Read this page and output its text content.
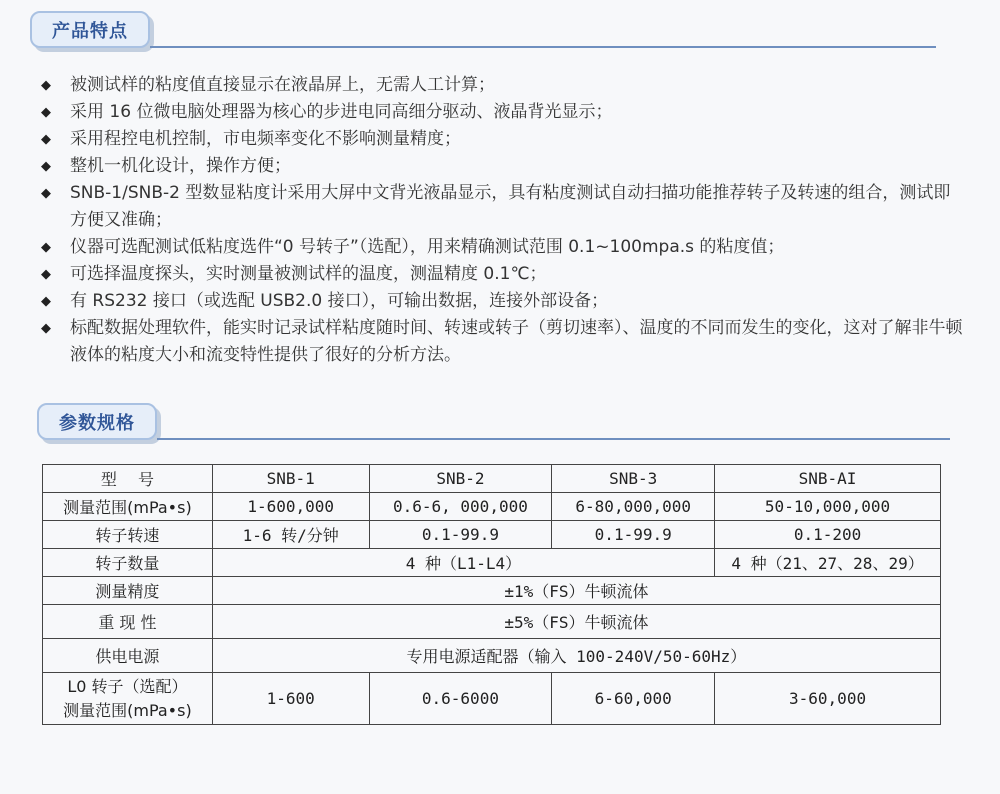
产品特点
◆ 被测试样的粘度值直接显示在液晶屏上，无需人工计算；
◆ 采用 16 位微电脑处理器为核心的步进电同高细分驱动、液晶背光显示；
◆ 采用程控电机控制，市电频率变化不影响测量精度；
◆ 整机一机化设计，操作方便；
◆ SNB-1/SNB-2 型数显粘度计采用大屏中文背光液晶显示，具有粘度测试自动扫描功能推荐转子及转速的组合，测试即方便又准确；
◆ 仪器可选配测试低粘度选件“0 号转子”（选配），用来精确测试范围 0.1~100mpa.s 的粘度值；
◆ 可选择温度探头，实时测量被测试样的温度，测温精度 0.1℃；
◆ 有 RS232 接口（或选配 USB2.0 接口），可输出数据，连接外部设备；
◆ 标配数据处理软件，能实时记录试样粘度随时间、转速或转子（剪切速率）、温度的不同而发生的变化，这对了解非牛顿液体的粘度大小和流变特性提供了很好的分析方法。
参数规格
型　 号	SNB-1	SNB-2	SNB-3	SNB-AI
测量范围(mPa•s)	1-600,000	0.6-6, 000,000	6-80,000,000	50-10,000,000
转子转速	1-6 转/分钟	0.1-99.9	0.1-99.9	0.1-200
转子数量	4 种（L1-L4）			4 种（21、27、28、29）
测量精度	±1%（FS）牛顿流体			
重 现 性	±5%（FS）牛顿流体			
供电电源	专用电源适配器（输入 100-240V/50-60Hz）			

L0 转子（选配）
测量范围(mPa•s)	1-600	0.6-6000	6-60,000	3-60,000
